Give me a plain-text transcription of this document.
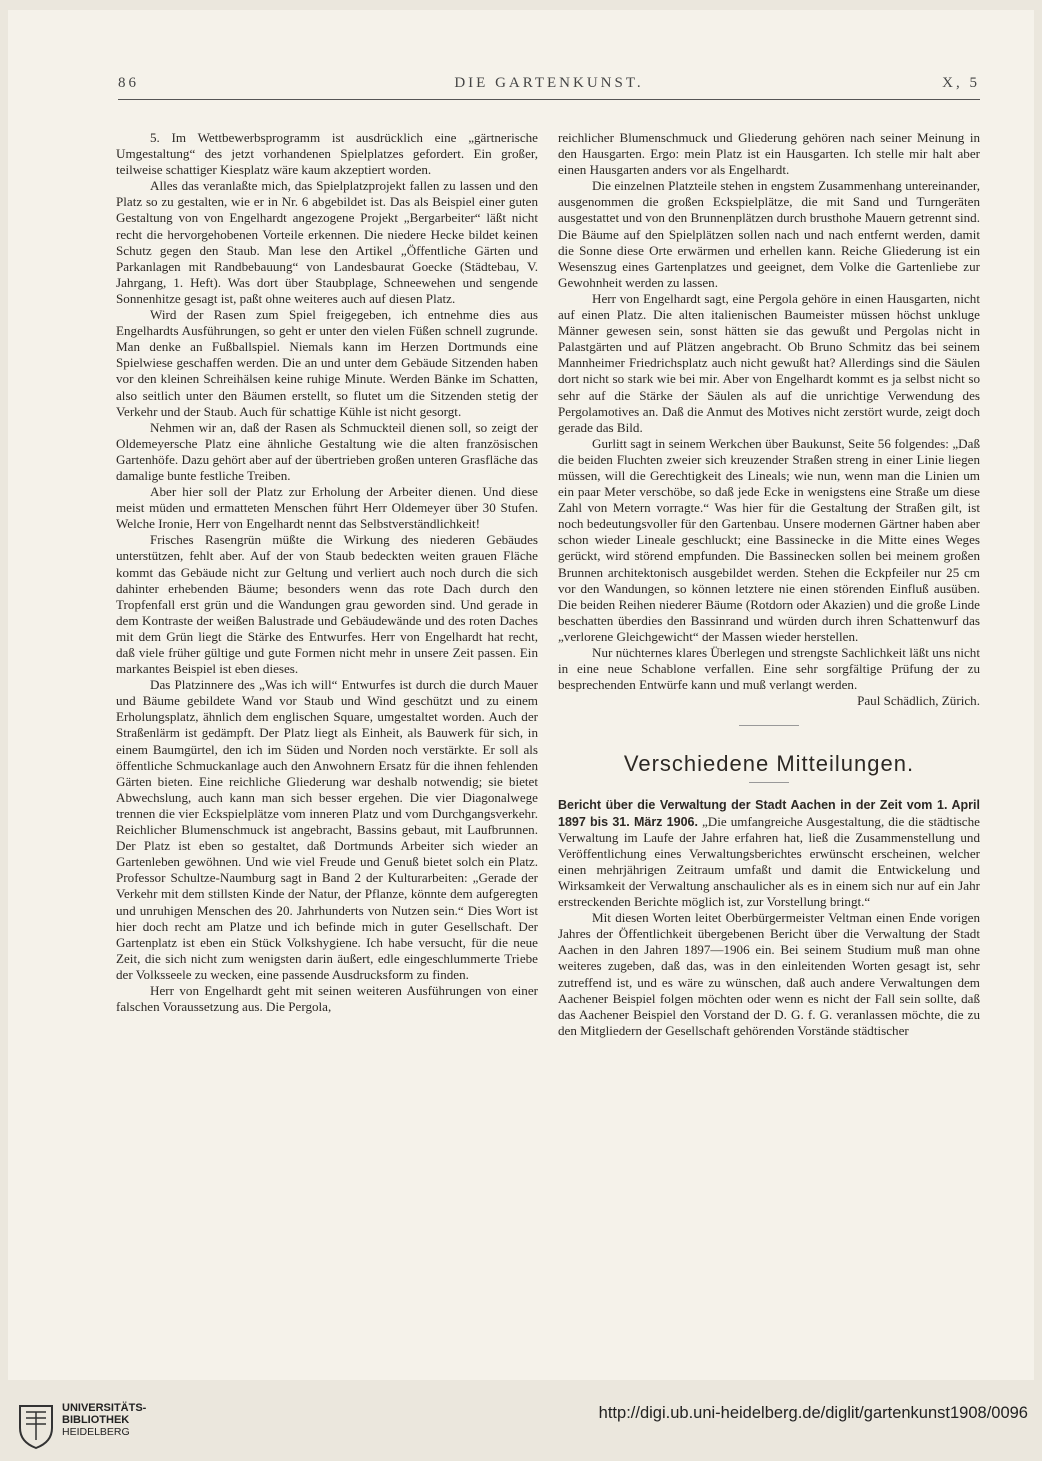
86	DIE GARTENKUNST.	X, 5

5. Im Wettbewerbsprogramm ist ausdrücklich eine „gärtnerische Umgestaltung“ des jetzt vorhandenen Spielplatzes gefordert. Ein großer, teilweise schattiger Kiesplatz wäre kaum akzeptiert worden.

Alles das veranlaßte mich, das Spielplatzprojekt fallen zu lassen und den Platz so zu gestalten, wie er in Nr. 6 abgebildet ist. Das als Beispiel einer guten Gestaltung von von Engelhardt angezogene Projekt „Bergarbeiter“ läßt nicht recht die hervorgehobenen Vorteile erkennen. Die niedere Hecke bildet keinen Schutz gegen den Staub. Man lese den Artikel „Öffentliche Gärten und Parkanlagen mit Randbebauung“ von Landesbaurat Goecke (Städtebau, V. Jahrgang, 1. Heft). Was dort über Staubplage, Schneewehen und sengende Sonnenhitze gesagt ist, paßt ohne weiteres auch auf diesen Platz.

Wird der Rasen zum Spiel freigegeben, ich entnehme dies aus Engelhardts Ausführungen, so geht er unter den vielen Füßen schnell zugrunde. Man denke an Fußballspiel. Niemals kann im Herzen Dortmunds eine Spielwiese geschaffen werden. Die an und unter dem Gebäude Sitzenden haben vor den kleinen Schreihälsen keine ruhige Minute. Werden Bänke im Schatten, also seitlich unter den Bäumen erstellt, so flutet um die Sitzenden stetig der Verkehr und der Staub. Auch für schattige Kühle ist nicht gesorgt.

Nehmen wir an, daß der Rasen als Schmuckteil dienen soll, so zeigt der Oldemeyersche Platz eine ähnliche Gestaltung wie die alten französischen Gartenhöfe. Dazu gehört aber auf der übertrieben großen unteren Grasfläche das damalige bunte festliche Treiben.

Aber hier soll der Platz zur Erholung der Arbeiter dienen. Und diese meist müden und ermatteten Menschen führt Herr Oldemeyer über 30 Stufen. Welche Ironie, Herr von Engelhardt nennt das Selbstverständlichkeit!

Frisches Rasengrün müßte die Wirkung des niederen Gebäudes unterstützen, fehlt aber. Auf der von Staub bedeckten weiten grauen Fläche kommt das Gebäude nicht zur Geltung und verliert auch noch durch die sich dahinter erhebenden Bäume; besonders wenn das rote Dach durch den Tropfenfall erst grün und die Wandungen grau geworden sind. Und gerade in dem Kontraste der weißen Balustrade und Gebäudewände und des roten Daches mit dem Grün liegt die Stärke des Entwurfes. Herr von Engelhardt hat recht, daß viele früher gültige und gute Formen nicht mehr in unsere Zeit passen. Ein markantes Beispiel ist eben dieses.

Das Platzinnere des „Was ich will“ Entwurfes ist durch die durch Mauer und Bäume gebildete Wand vor Staub und Wind geschützt und zu einem Erholungsplatz, ähnlich dem englischen Square, umgestaltet worden. Auch der Straßenlärm ist gedämpft. Der Platz liegt als Einheit, als Bauwerk für sich, in einem Baumgürtel, den ich im Süden und Norden noch verstärkte. Er soll als öffentliche Schmuckanlage auch den Anwohnern Ersatz für die ihnen fehlenden Gärten bieten. Eine reichliche Gliederung war deshalb notwendig; sie bietet Abwechslung, auch kann man sich besser ergehen. Die vier Diagonalwege trennen die vier Eckspielplätze vom inneren Platz und vom Durchgangsverkehr. Reichlicher Blumenschmuck ist angebracht, Bassins gebaut, mit Laufbrunnen. Der Platz ist eben so gestaltet, daß Dortmunds Arbeiter sich wieder an Gartenleben gewöhnen. Und wie viel Freude und Genuß bietet solch ein Platz. Professor Schultze-Naumburg sagt in Band 2 der Kulturarbeiten: „Gerade der Verkehr mit dem stillsten Kinde der Natur, der Pflanze, könnte dem aufgeregten und unruhigen Menschen des 20. Jahrhunderts von Nutzen sein.“ Dies Wort ist hier doch recht am Platze und ich befinde mich in guter Gesellschaft. Der Gartenplatz ist eben ein Stück Volkshygiene. Ich habe versucht, für die neue Zeit, die sich nicht zum wenigsten darin äußert, edle eingeschlummerte Triebe der Volksseele zu wecken, eine passende Ausdrucksform zu finden.

Herr von Engelhardt geht mit seinen weiteren Ausführungen von einer falschen Voraussetzung aus. Die Pergola,

reichlicher Blumenschmuck und Gliederung gehören nach seiner Meinung in den Hausgarten. Ergo: mein Platz ist ein Hausgarten. Ich stelle mir halt aber einen Hausgarten anders vor als Engelhardt.

Die einzelnen Platzteile stehen in engstem Zusammenhang untereinander, ausgenommen die großen Eckspielplätze, die mit Sand und Turngeräten ausgestattet und von den Brunnenplätzen durch brusthohe Mauern getrennt sind. Die Bäume auf den Spielplätzen sollen nach und nach entfernt werden, damit die Sonne diese Orte erwärmen und erhellen kann. Reiche Gliederung ist ein Wesenszug eines Gartenplatzes und geeignet, dem Volke die Gartenliebe zur Gewohnheit werden zu lassen.

Herr von Engelhardt sagt, eine Pergola gehöre in einen Hausgarten, nicht auf einen Platz. Die alten italienischen Baumeister müssen höchst unkluge Männer gewesen sein, sonst hätten sie das gewußt und Pergolas nicht in Palastgärten und auf Plätzen angebracht. Ob Bruno Schmitz das bei seinem Mannheimer Friedrichsplatz auch nicht gewußt hat? Allerdings sind die Säulen dort nicht so stark wie bei mir. Aber von Engelhardt kommt es ja selbst nicht so sehr auf die Stärke der Säulen als auf die unrichtige Verwendung des Pergolamotives an. Daß die Anmut des Motives nicht zerstört wurde, zeigt doch gerade das Bild.

Gurlitt sagt in seinem Werkchen über Baukunst, Seite 56 folgendes: „Daß die beiden Fluchten zweier sich kreuzender Straßen streng in einer Linie liegen müssen, will die Gerechtigkeit des Lineals; wie nun, wenn man die Linien um ein paar Meter verschöbe, so daß jede Ecke in wenigstens eine Straße um diese Zahl von Metern vorragte.“ Was hier für die Gestaltung der Straßen gilt, ist noch bedeutungsvoller für den Gartenbau. Unsere modernen Gärtner haben aber schon wieder Lineale geschluckt; eine Bassinecke in die Mitte eines Weges gerückt, wird störend empfunden. Die Bassinecken sollen bei meinem großen Brunnen architektonisch ausgebildet werden. Stehen die Eckpfeiler nur 25 cm vor den Wandungen, so können letztere nie einen störenden Einfluß ausüben. Die beiden Reihen niederer Bäume (Rotdorn oder Akazien) und die große Linde beschatten überdies den Bassinrand und würden durch ihren Schattenwurf das „verlorene Gleichgewicht“ der Massen wieder herstellen.

Nur nüchternes klares Überlegen und strengste Sachlichkeit läßt uns nicht in eine neue Schablone verfallen. Eine sehr sorgfältige Prüfung der zu besprechenden Entwürfe kann und muß verlangt werden.

Paul Schädlich, Zürich.

Verschiedene Mitteilungen.

Bericht über die Verwaltung der Stadt Aachen in der Zeit vom 1. April 1897 bis 31. März 1906. „Die umfangreiche Ausgestaltung, die die städtische Verwaltung im Laufe der Jahre erfahren hat, ließ die Zusammenstellung und Veröffentlichung eines Verwaltungsberichtes erwünscht erscheinen, welcher einen mehrjährigen Zeitraum umfaßt und damit die Entwickelung und Wirksamkeit der Verwaltung anschaulicher als es in einem sich nur auf ein Jahr erstreckenden Berichte möglich ist, zur Vorstellung bringt.“

Mit diesen Worten leitet Oberbürgermeister Veltman einen Ende vorigen Jahres der Öffentlichkeit übergebenen Bericht über die Verwaltung der Stadt Aachen in den Jahren 1897—1906 ein. Bei seinem Studium muß man ohne weiteres zugeben, daß das, was in den einleitenden Worten gesagt ist, sehr zutreffend ist, und es wäre zu wünschen, daß auch andere Verwaltungen dem Aachener Beispiel folgen möchten oder wenn es nicht der Fall sein sollte, daß das Aachener Beispiel den Vorstand der D. G. f. G. veranlassen möchte, die zu den Mitgliedern der Gesellschaft gehörenden Vorstände städtischer

UNIVERSITÄTS-
BIBLIOTHEK
HEIDELBERG
http://digi.ub.uni-heidelberg.de/diglit/gartenkunst1908/0096
